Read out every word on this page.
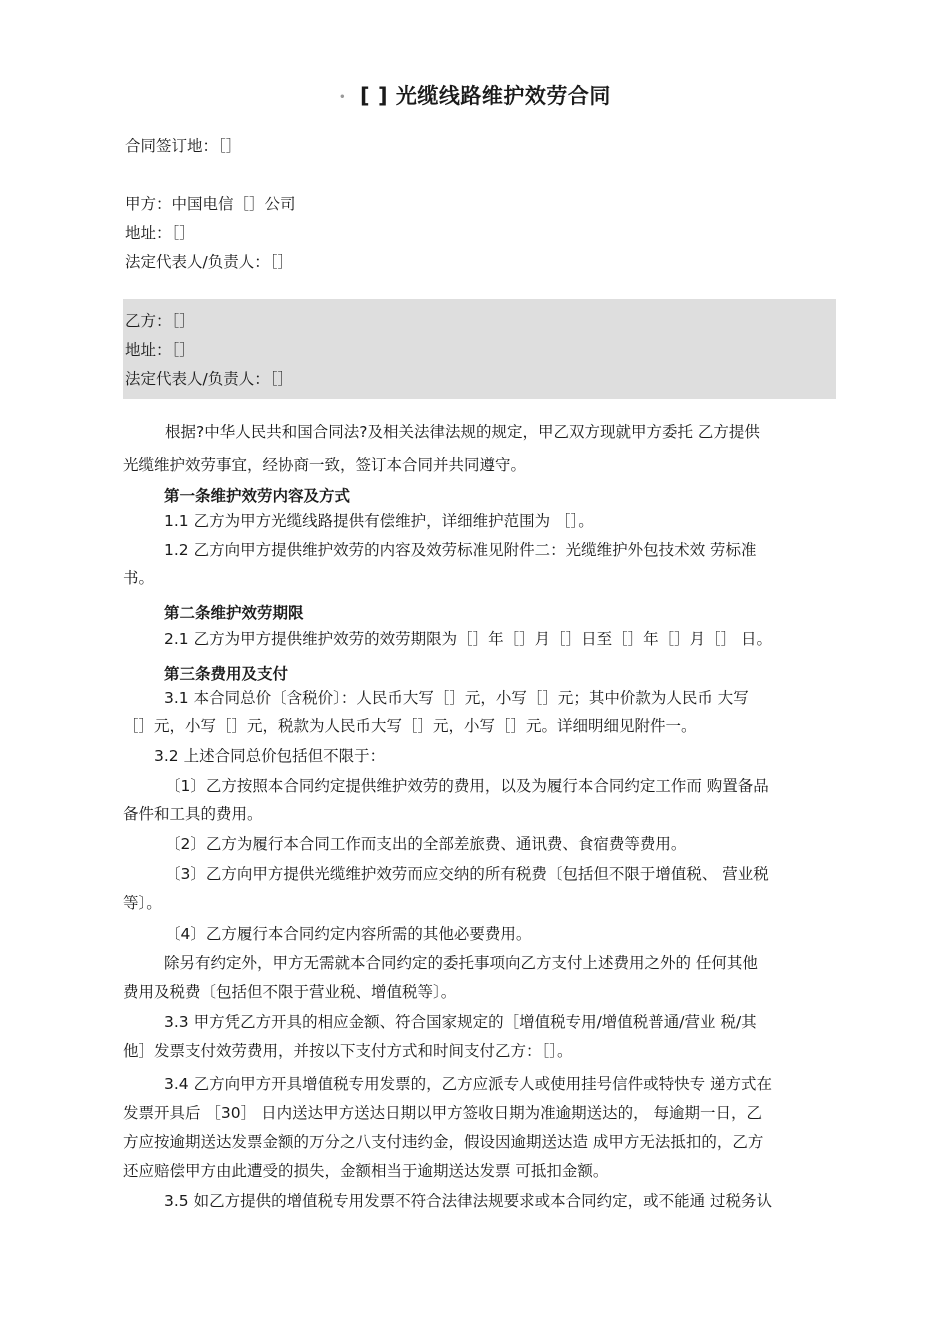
• [ ] 光缆线路维护效劳合同
合同签订地：［］
甲方：中国电信［］公司
地址：［］
法定代表人/负责人：［］
乙方：［］
地址：［］
法定代表人/负责人：［］
根据?中华人民共和国合同法?及相关法律法规的规定，甲乙双方现就甲方委托 乙方提供
光缆维护效劳事宜，经协商一致，签订本合同并共同遵守。
第一条维护效劳内容及方式
1.1 乙方为甲方光缆线路提供有偿维护，详细维护范围为 ［］。
1.2 乙方向甲方提供维护效劳的内容及效劳标准见附件二：光缆维护外包技术效 劳标准
书。
第二条维护效劳期限
2.1 乙方为甲方提供维护效劳的效劳期限为［］年［］月［］日至［］年［］月［］ 日。
第三条费用及支付
3.1 本合同总价〔含税价〕：人民币大写［］元，小写［］元；其中价款为人民币 大写
［］元，小写［］元，税款为人民币大写［］元，小写［］元。详细明细见附件一。
3.2 上述合同总价包括但不限于：
〔1〕乙方按照本合同约定提供维护效劳的费用，以及为履行本合同约定工作而 购置备品
备件和工具的费用。
〔2〕乙方为履行本合同工作而支出的全部差旅费、通讯费、食宿费等费用。
〔3〕乙方向甲方提供光缆维护效劳而应交纳的所有税费〔包括但不限于增值税、 营业税
等〕。
〔4〕乙方履行本合同约定内容所需的其他必要费用。
除另有约定外，甲方无需就本合同约定的委托事项向乙方支付上述费用之外的 任何其他
费用及税费〔包括但不限于营业税、增值税等〕。
3.3 甲方凭乙方开具的相应金额、符合国家规定的［增值税专用/增值税普通/营业 税/其
他］发票支付效劳费用，并按以下支付方式和时间支付乙方：［］。
3.4 乙方向甲方开具增值税专用发票的，乙方应派专人或使用挂号信件或特快专 递方式在
发票开具后 ［30］ 日内送达甲方送达日期以甲方签收日期为准逾期送达的， 每逾期一日，乙
方应按逾期送达发票金额的万分之八支付违约金，假设因逾期送达造 成甲方无法抵扣的，乙方
还应赔偿甲方由此遭受的损失，金额相当于逾期送达发票 可抵扣金额。
3.5 如乙方提供的增值税专用发票不符合法律法规要求或本合同约定，或不能通 过税务认
